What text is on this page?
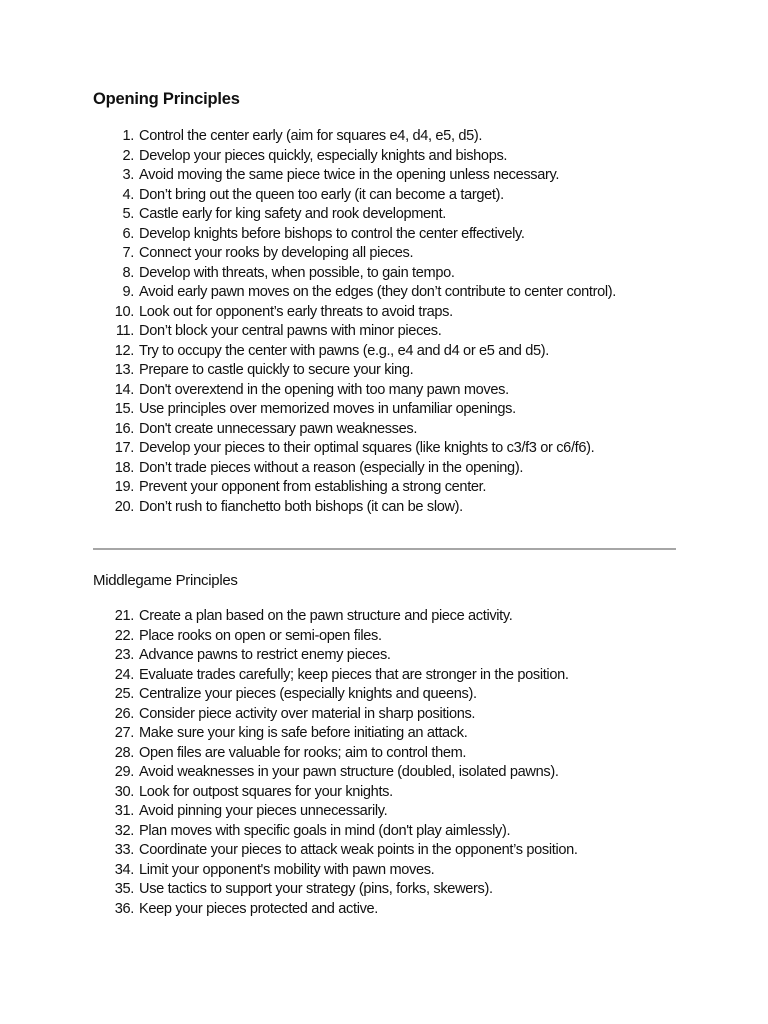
Opening Principles
1. Control the center early (aim for squares e4, d4, e5, d5).
2. Develop your pieces quickly, especially knights and bishops.
3. Avoid moving the same piece twice in the opening unless necessary.
4. Don’t bring out the queen too early (it can become a target).
5. Castle early for king safety and rook development.
6. Develop knights before bishops to control the center effectively.
7. Connect your rooks by developing all pieces.
8. Develop with threats, when possible, to gain tempo.
9. Avoid early pawn moves on the edges (they don’t contribute to center control).
10. Look out for opponent’s early threats to avoid traps.
11. Don’t block your central pawns with minor pieces.
12. Try to occupy the center with pawns (e.g., e4 and d4 or e5 and d5).
13. Prepare to castle quickly to secure your king.
14. Don't overextend in the opening with too many pawn moves.
15. Use principles over memorized moves in unfamiliar openings.
16. Don't create unnecessary pawn weaknesses.
17. Develop your pieces to their optimal squares (like knights to c3/f3 or c6/f6).
18. Don’t trade pieces without a reason (especially in the opening).
19. Prevent your opponent from establishing a strong center.
20. Don’t rush to fianchetto both bishops (it can be slow).
Middlegame Principles
21. Create a plan based on the pawn structure and piece activity.
22. Place rooks on open or semi-open files.
23. Advance pawns to restrict enemy pieces.
24. Evaluate trades carefully; keep pieces that are stronger in the position.
25. Centralize your pieces (especially knights and queens).
26. Consider piece activity over material in sharp positions.
27. Make sure your king is safe before initiating an attack.
28. Open files are valuable for rooks; aim to control them.
29. Avoid weaknesses in your pawn structure (doubled, isolated pawns).
30. Look for outpost squares for your knights.
31. Avoid pinning your pieces unnecessarily.
32. Plan moves with specific goals in mind (don't play aimlessly).
33. Coordinate your pieces to attack weak points in the opponent’s position.
34. Limit your opponent's mobility with pawn moves.
35. Use tactics to support your strategy (pins, forks, skewers).
36. Keep your pieces protected and active.
